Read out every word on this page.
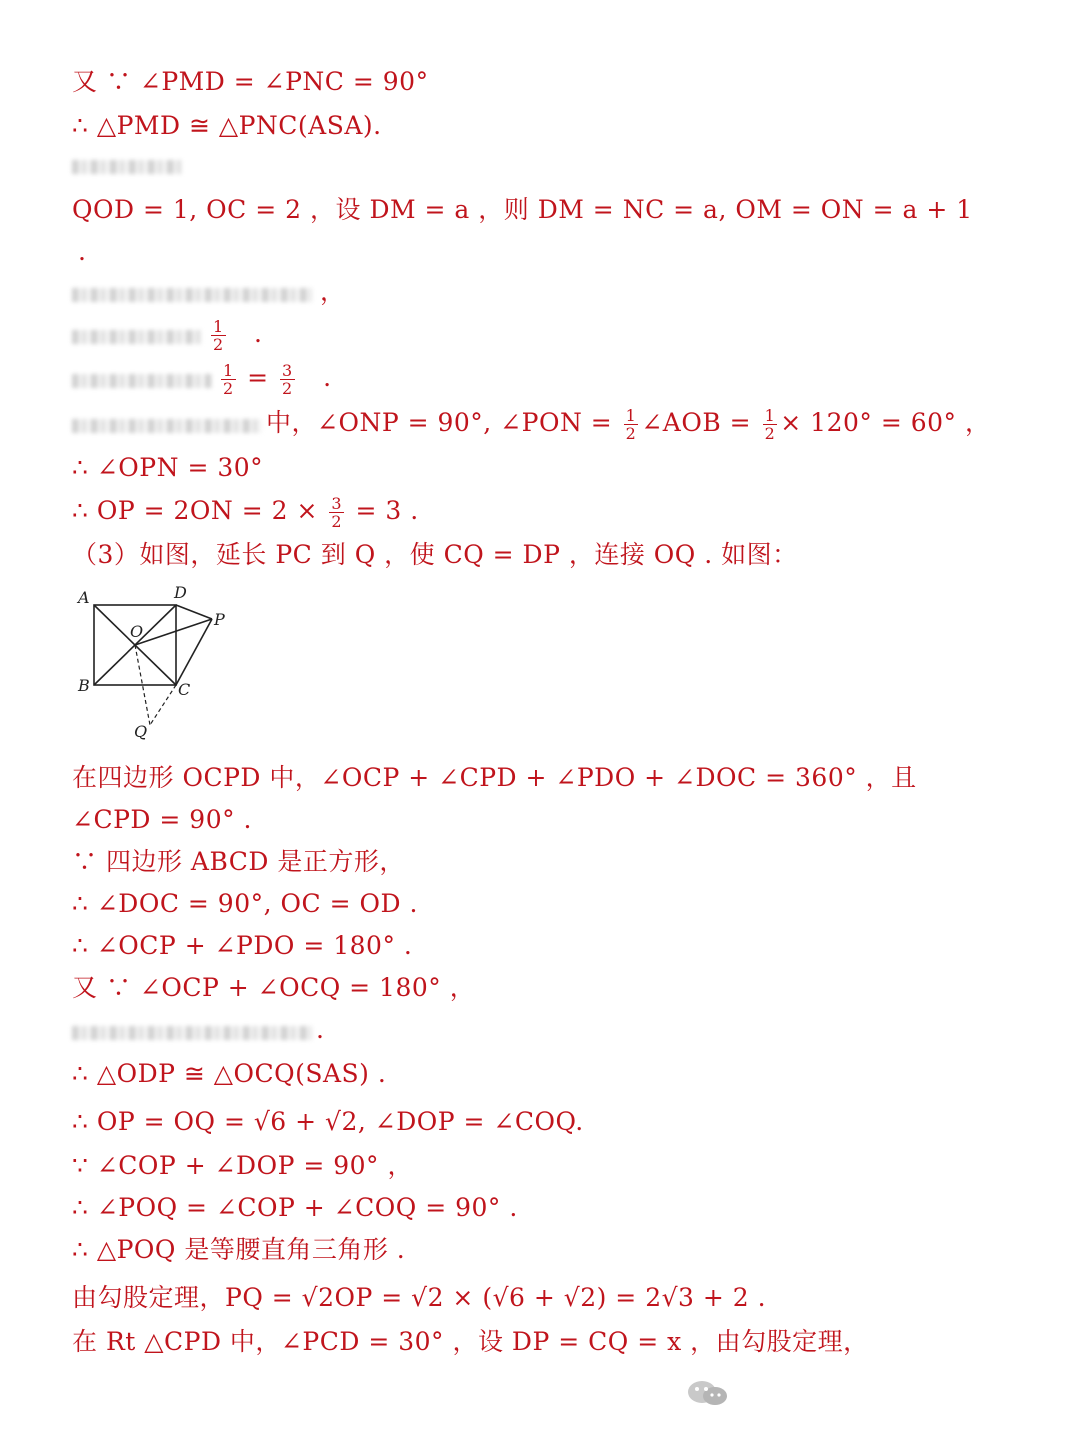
又 ∵ ∠PMD = ∠PNC = 90°
∴ △PMD ≅ △PNC(ASA).
QOD = 1, OC = 2 ，设 DM = a ，则 DM = NC = a, OM = ON = a + 1
.
，
$\frac{1}{2}$ .
$\frac{1}{2} = \frac{3}{2}$ .
中，∠ONP = 90°, ∠PON = $\frac{1}{2}$ ∠AOB = $\frac{1}{2} \times 120^\circ = 60^\circ$ ，
∴ ∠OPN = 30°
∴ OP = $2ON = 2 \times \frac{3}{2} = 3$ .
（3）如图，延长 PC 到 Q ，使 CQ = DP ，连接 OQ . 如图：
A	D
P
O
B	C
Q
在四边形 OCPD 中，∠OCP + ∠CPD + ∠PDO + ∠DOC = 360° ，且
∠CPD = 90° .
∵ 四边形 ABCD 是正方形，
∴ ∠DOC = 90°, OC = OD .
∴ ∠OCP + ∠PDO = 180° .
又 ∵ ∠OCP + ∠OCQ = 180° ，
.
∴ △ODP ≅ △OCQ(SAS) .
∴ OP = OQ = √6 + √2, ∠DOP = ∠COQ.
∵ ∠COP + ∠DOP = 90° ，
∴ ∠POQ = ∠COP + ∠COQ = 90° .
∴ △POQ 是等腰直角三角形 .
由勾股定理，PQ = √2OP = √2 × (√6 + √2) = 2√3 + 2 .
在 Rt △CPD 中，∠PCD = 30° ，设 DP = CQ = x ，由勾股定理，
